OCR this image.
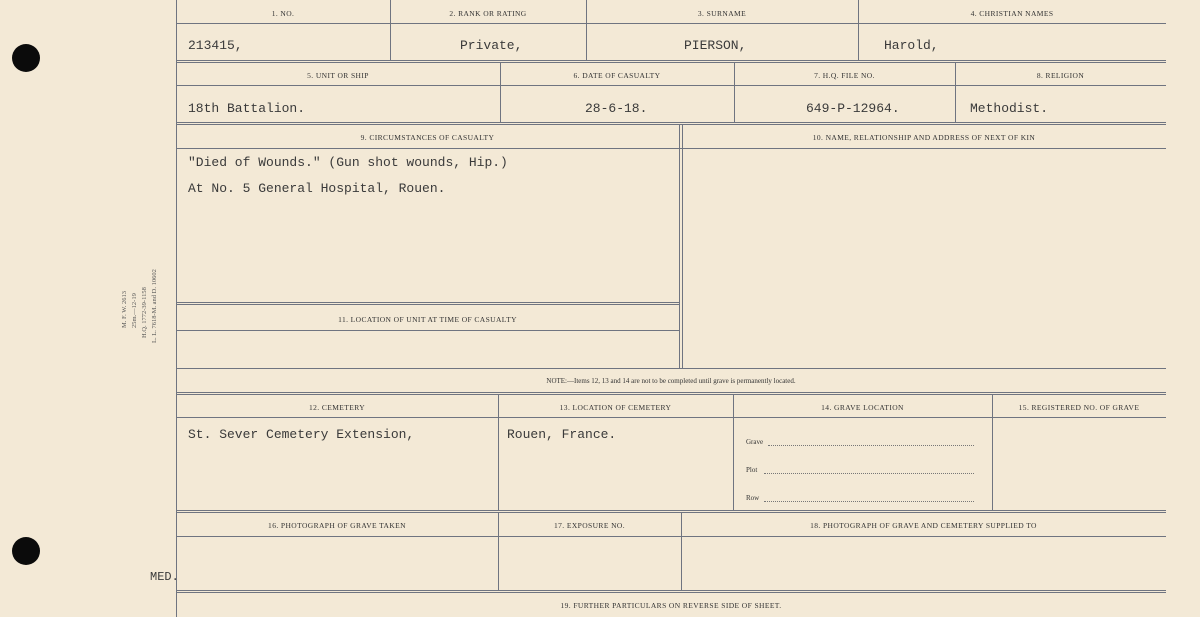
M. F. W. 2613 25m.—12-19 H.Q. 1772-39-1158 L. L. 7618-M. and D. 10602
1. NO.	2. RANK OR RATING	3. SURNAME	4. CHRISTIAN NAMES
213415,	Private,	PIERSON,	Harold,
5. UNIT OR SHIP	6. DATE OF CASUALTY	7. H.Q. FILE NO.	8. RELIGION
18th Battalion.	28-6-18.	649-P-12964.	Methodist.
9. CIRCUMSTANCES OF CASUALTY	10. NAME, RELATIONSHIP AND ADDRESS OF NEXT OF KIN
"Died of Wounds." (Gun shot wounds, Hip.)
At No. 5 General Hospital, Rouen.
11. LOCATION OF UNIT AT TIME OF CASUALTY
NOTE:—Items 12, 13 and 14 are not to be completed until grave is permanently located.
12. CEMETERY	13. LOCATION OF CEMETERY	14. GRAVE LOCATION	15. REGISTERED NO. OF GRAVE
St. Sever Cemetery Extension,	Rouen, France.	Grave
Plot
Row
16. PHOTOGRAPH OF GRAVE TAKEN	17. EXPOSURE NO.	18. PHOTOGRAPH OF GRAVE AND CEMETERY SUPPLIED TO
MED.
19. FURTHER PARTICULARS ON REVERSE SIDE OF SHEET.
